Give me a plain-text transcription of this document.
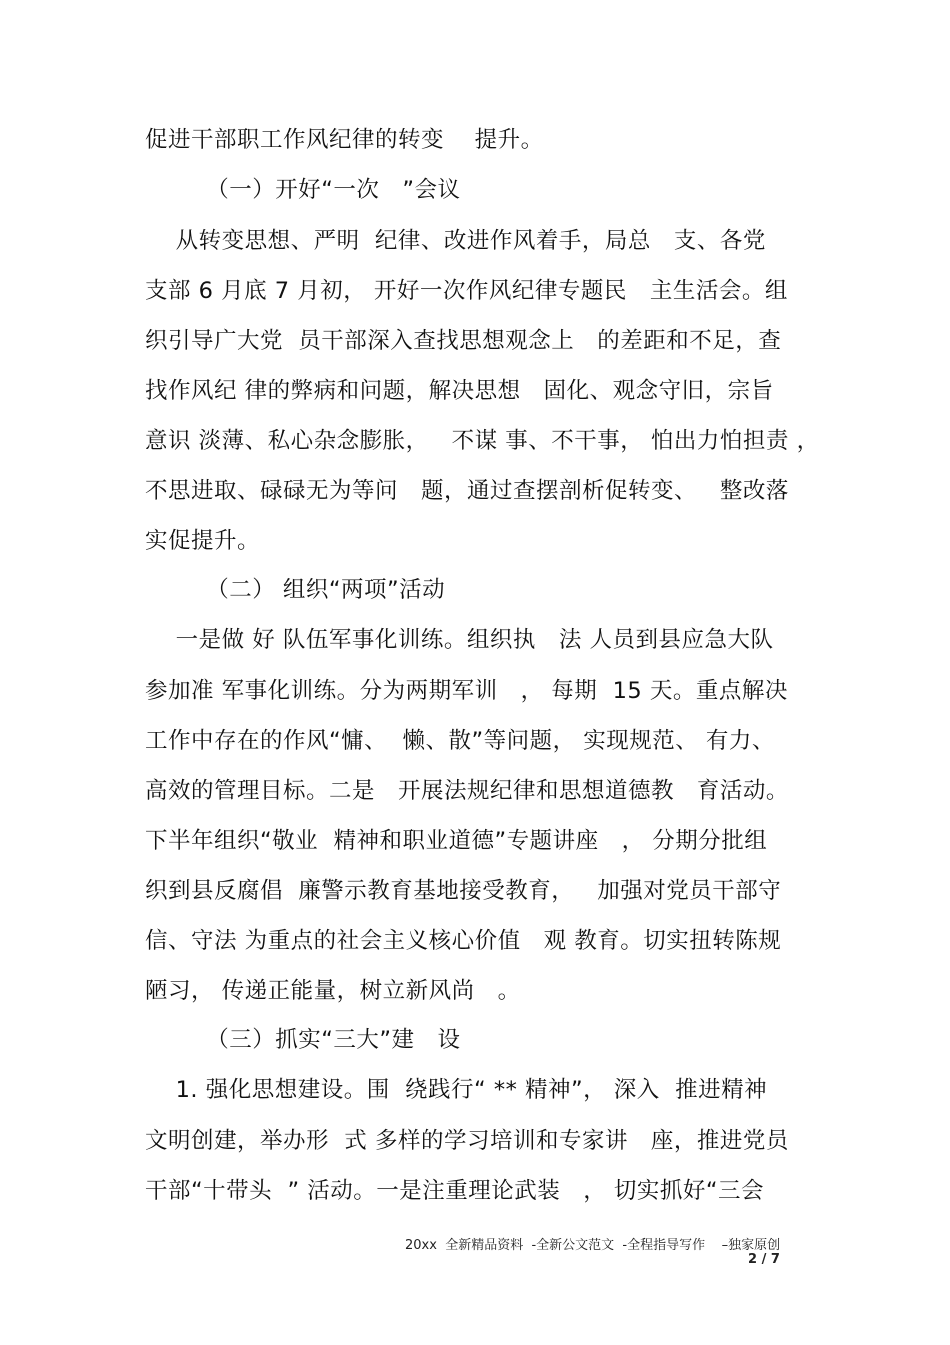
促进干部职工作风纪律的转变    提升。
（一）开好“一次   ”会议
从转变思想、严明  纪律、改进作风着手，局总   支、各党
支部 6 月底 7 月初， 开好一次作风纪律专题民   主生活会。组
织引导广大党  员干部深入查找思想观念上   的差距和不足，查
找作风纪 律的弊病和问题，解决思想   固化、观念守旧，宗旨
意识 淡薄、私心杂念膨胀，   不谋 事、不干事， 怕出力怕担责 ，
不思进取、碌碌无为等问   题，通过查摆剖析促转变、   整改落
实促提升。
（二） 组织“两项”活动
一是做 好 队伍军事化训练。组织执   法 人员到县应急大队
参加准 军事化训练。分为两期军训   ， 每期  15 天。重点解决
工作中存在的作风“慵、  懒、散”等问题， 实现规范、 有力、
高效的管理目标。二是   开展法规纪律和思想道德教   育活动。
下半年组织“敬业  精神和职业道德”专题讲座   ， 分期分批组
织到县反腐倡  廉警示教育基地接受教育，   加强对党员干部守
信、守法 为重点的社会主义核心价值   观 教育。切实扭转陈规
陋习， 传递正能量，树立新风尚   。
（三）抓实“三大”建   设
1. 强化思想建设。围  绕践行“ ** 精神”， 深入  推进精神
文明创建，举办形  式 多样的学习培训和专家讲   座，推进党员
干部“十带头  ” 活动。一是注重理论武装   ， 切实抓好“三会
20xx  全新精品资料  -全新公文范文  -全程指导写作    –独家原创
2 / 7
